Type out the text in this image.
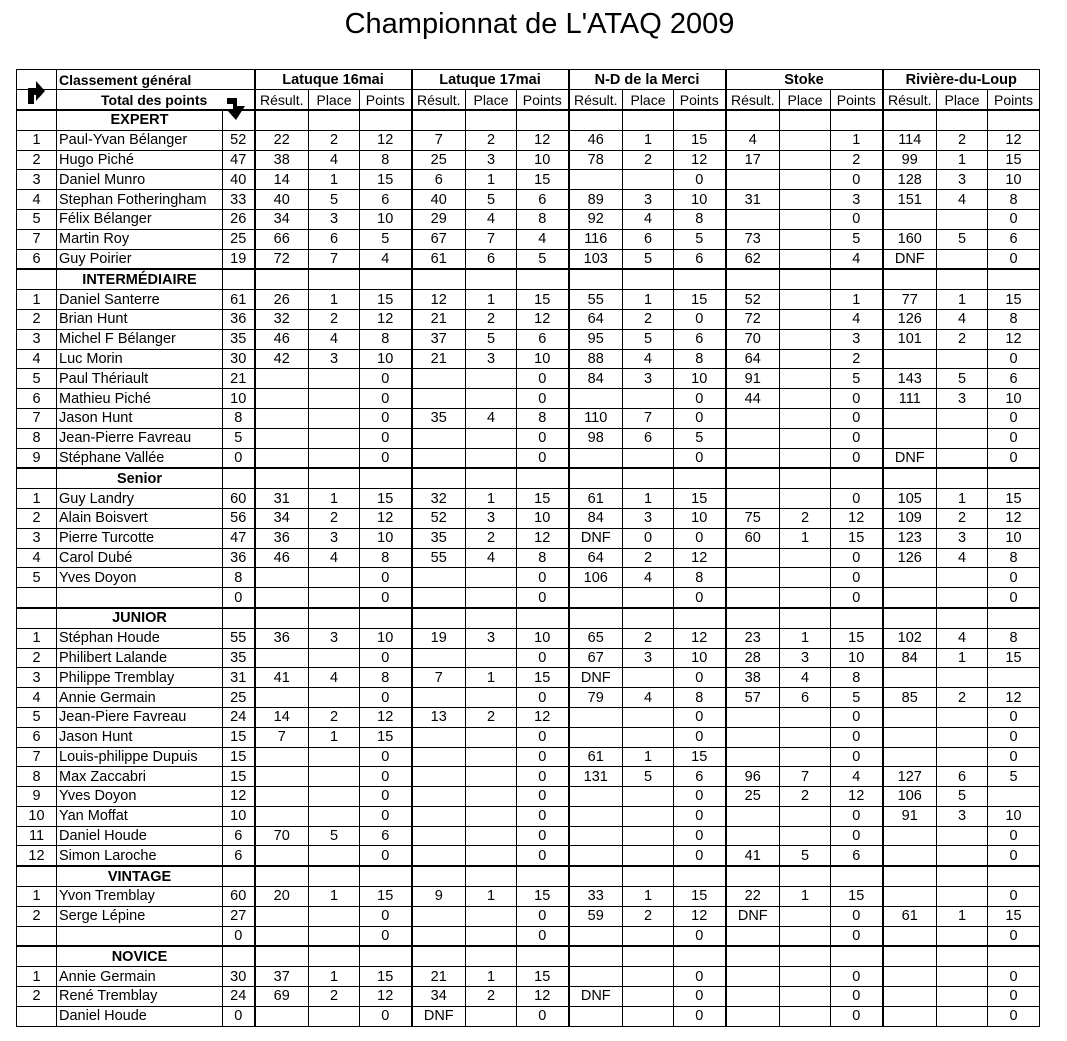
Championnat de L'ATAQ 2009
	Classement général		Latuque 16mai			Latuque 17mai			N-D de la Merci			Stoke			Rivière-du-Loup		
	Total des points		Résult.	Place	Points	Résult.	Place	Points	Résult.	Place	Points	Résult.	Place	Points	Résult.	Place	Points
	EXPERT																
1	Paul-Yvan Bélanger	52	22	2	12	7	2	12	46	1	15	4		1	114	2	12
2	Hugo Piché	47	38	4	8	25	3	10	78	2	12	17		2	99	1	15
3	Daniel Munro	40	14	1	15	6	1	15			0			0	128	3	10
4	Stephan Fotheringham	33	40	5	6	40	5	6	89	3	10	31		3	151	4	8
5	Félix Bélanger	26	34	3	10	29	4	8	92	4	8			0			0
7	Martin Roy	25	66	6	5	67	7	4	116	6	5	73		5	160	5	6
6	Guy Poirier	19	72	7	4	61	6	5	103	5	6	62		4	DNF		0
	INTERMÉDIAIRE																
1	Daniel Santerre	61	26	1	15	12	1	15	55	1	15	52		1	77	1	15
2	Brian Hunt	36	32	2	12	21	2	12	64	2	0	72		4	126	4	8
3	Michel F Bélanger	35	46	4	8	37	5	6	95	5	6	70		3	101	2	12
4	Luc Morin	30	42	3	10	21	3	10	88	4	8	64		2			0
5	Paul Thériault	21			0			0	84	3	10	91		5	143	5	6
6	Mathieu Piché	10			0			0			0	44		0	111	3	10
7	Jason Hunt	8			0	35	4	8	110	7	0			0			0
8	Jean-Pierre Favreau	5			0			0	98	6	5			0			0
9	Stéphane Vallée	0			0			0			0			0	DNF		0
	Senior																
1	Guy Landry	60	31	1	15	32	1	15	61	1	15			0	105	1	15
2	Alain Boisvert	56	34	2	12	52	3	10	84	3	10	75	2	12	109	2	12
3	Pierre Turcotte	47	36	3	10	35	2	12	DNF	0	0	60	1	15	123	3	10
4	Carol Dubé	36	46	4	8	55	4	8	64	2	12			0	126	4	8
5	Yves Doyon	8			0			0	106	4	8			0			0
		0			0			0			0			0			0
	JUNIOR																
1	Stéphan Houde	55	36	3	10	19	3	10	65	2	12	23	1	15	102	4	8
2	Philibert Lalande	35			0			0	67	3	10	28	3	10	84	1	15
3	Philippe Tremblay	31	41	4	8	7	1	15	DNF		0	38	4	8			
4	Annie Germain	25			0			0	79	4	8	57	6	5	85	2	12
5	Jean-Piere Favreau	24	14	2	12	13	2	12			0			0			0
6	Jason Hunt	15	7	1	15			0			0			0			0
7	Louis-philippe Dupuis	15			0			0	61	1	15			0			0
8	Max Zaccabri	15			0			0	131	5	6	96	7	4	127	6	5
9	Yves Doyon	12			0			0			0	25	2	12	106	5	
10	Yan Moffat	10			0			0			0			0	91	3	10
11	Daniel Houde	6	70	5	6			0			0			0			0
12	Simon Laroche	6			0			0			0	41	5	6			0
	VINTAGE																
1	Yvon Tremblay	60	20	1	15	9	1	15	33	1	15	22	1	15			0
2	Serge Lépine	27			0			0	59	2	12	DNF		0	61	1	15
		0			0			0			0			0			0
	NOVICE																
1	Annie Germain	30	37	1	15	21	1	15			0			0			0
2	René Tremblay	24	69	2	12	34	2	12	DNF		0			0			0
	Daniel Houde	0			0	DNF		0			0			0			0
